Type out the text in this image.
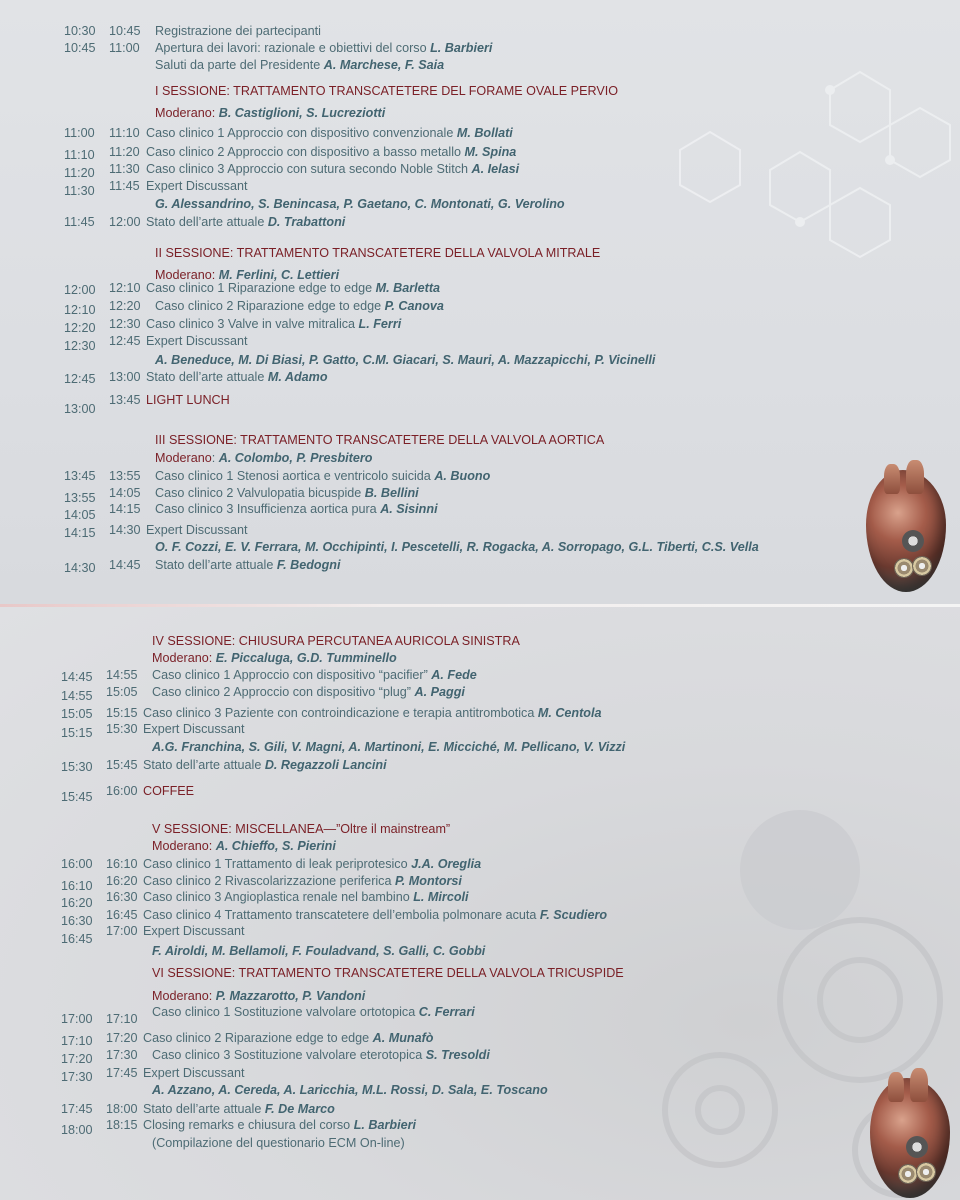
10:30 10:45 Registrazione dei partecipanti
10:45 11:00 Apertura dei lavori: razionale e obiettivi del corso L. Barbieri
Saluti da parte del Presidente A. Marchese, F. Saia
I SESSIONE: TRATTAMENTO TRANSCATETERE DEL FORAME OVALE PERVIO
Moderano: B. Castiglioni, S. Lucreziotti
11:00 11:10 Caso clinico 1 Approccio con dispositivo convenzionale M. Bollati
11:10 11:20 Caso clinico 2 Approccio con dispositivo a basso metallo M. Spina
11:20 11:30 Caso clinico 3 Approccio con sutura secondo Noble Stitch A. Ielasi
11:30 11:45 Expert Discussant
G. Alessandrino, S. Benincasa, P. Gaetano, C. Montonati, G. Verolino
11:45 12:00 Stato dell’arte attuale D. Trabattoni
II SESSIONE: TRATTAMENTO TRANSCATETERE DELLA VALVOLA MITRALE
Moderano: M. Ferlini, C. Lettieri
12:00 12:10 Caso clinico 1 Riparazione edge to edge M. Barletta
12:10 12:20 Caso clinico 2 Riparazione edge to edge P. Canova
12:20 12:30 Caso clinico 3 Valve in valve mitralica L. Ferri
12:30 12:45 Expert Discussant
A. Beneduce, M. Di Biasi, P. Gatto, C.M. Giacari, S. Mauri, A. Mazzapicchi, P. Vicinelli
12:45 13:00 Stato dell’arte attuale M. Adamo
13:00
13:45 LIGHT LUNCH
III SESSIONE: TRATTAMENTO TRANSCATETERE DELLA VALVOLA AORTICA
Moderano: A. Colombo, P. Presbitero
13:45 13:55 Caso clinico 1 Stenosi aortica e ventricolo suicida A. Buono
13:55 14:05 Caso clinico 2 Valvulopatia bicuspide B. Bellini
14:05 14:15 Caso clinico 3 Insufficienza aortica pura A. Sisinni
14:15 14:30 Expert Discussant
O. F. Cozzi, E. V. Ferrara, M. Occhipinti, I. Pescetelli, R. Rogacka, A. Sorropago, G.L. Tiberti, C.S. Vella
14:30 14:45 Stato dell’arte attuale F. Bedogni
IV SESSIONE: CHIUSURA PERCUTANEA AURICOLA SINISTRA
Moderano: E. Piccaluga, G.D. Tumminello
14:45 14:55 Caso clinico 1 Approccio con dispositivo “pacifier” A. Fede
14:55 15:05 Caso clinico 2 Approccio con dispositivo “plug” A. Paggi
15:05 15:15 Caso clinico 3 Paziente con controindicazione e terapia antitrombotica M. Centola
15:15 15:30 Expert Discussant
A.G. Franchina, S. Gili, V. Magni, A. Martinoni, E. Micciché, M. Pellicano, V. Vizzi
15:30 15:45 Stato dell’arte attuale D. Regazzoli Lancini
15:45 16:00 COFFEE
V SESSIONE: MISCELLANEA—”Oltre il mainstream”
Moderano: A. Chieffo, S. Pierini
16:00 16:10 Caso clinico 1 Trattamento di leak periprotesico J.A. Oreglia
16:10 16:20 Caso clinico 2 Rivascolarizzazione periferica P. Montorsi
16:20 16:30 Caso clinico 3 Angioplastica renale nel bambino L. Mircoli
16:30 16:45 Caso clinico 4 Trattamento transcatetere dell’embolia polmonare acuta F. Scudiero
16:45
17:00 Expert Discussant
F. Airoldi, M. Bellamoli, F. Fouladvand, S. Galli, C. Gobbi
VI SESSIONE: TRATTAMENTO TRANSCATETERE DELLA VALVOLA TRICUSPIDE
Moderano: P. Mazzarotto, P. Vandoni
17:00 17:10 Caso clinico 1 Sostituzione valvolare ortotopica C. Ferrari
17:10 17:20 Caso clinico 2 Riparazione edge to edge A. Munafò
17:20 17:30 Caso clinico 3 Sostituzione valvolare eterotopica S. Tresoldi
17:30 17:45 Expert Discussant
A. Azzano, A. Cereda, A. Laricchia, M.L. Rossi, D. Sala, E. Toscano
17:45 18:00 Stato dell’arte attuale F. De Marco
18:00 18:15 Closing remarks e chiusura del corso L. Barbieri
(Compilazione del questionario ECM On-line)
